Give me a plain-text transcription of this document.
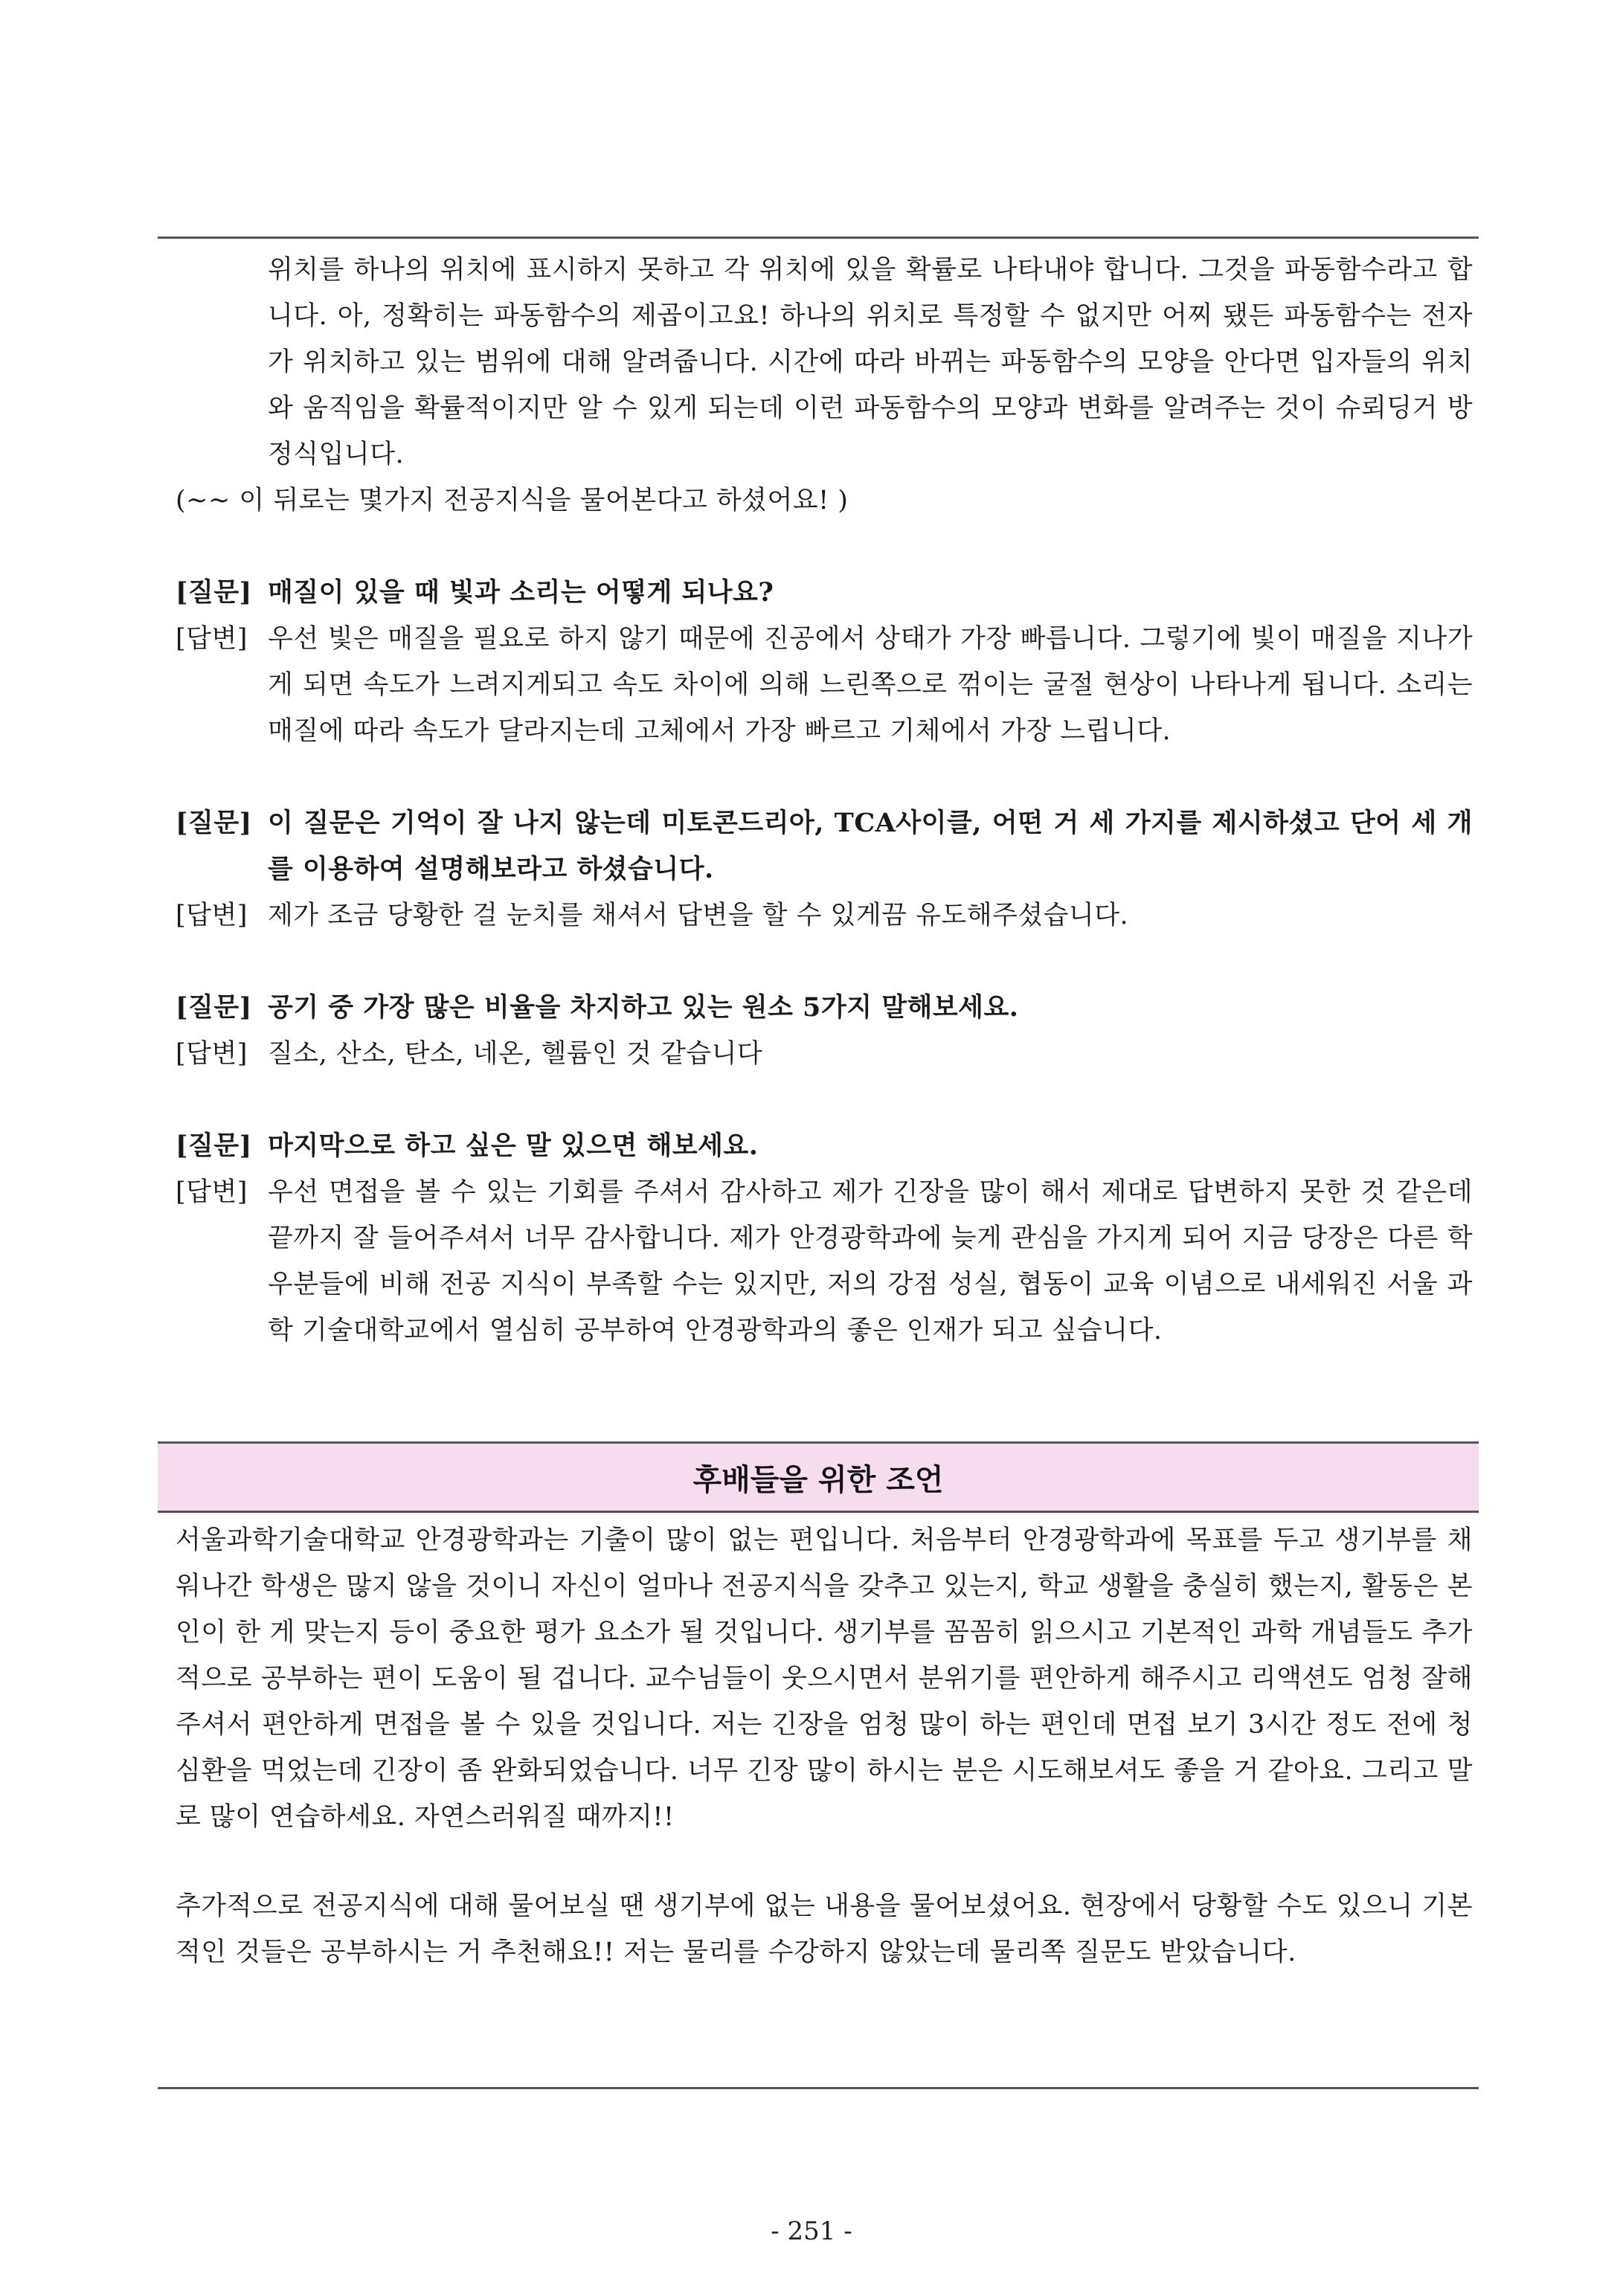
위치를 하나의 위치에 표시하지 못하고 각 위치에 있을 확률로 나타내야 합니다. 그것을 파동함수라고 합니다. 아, 정확히는 파동함수의 제곱이고요! 하나의 위치로 특정할 수 없지만 어찌 됐든 파동함수는 전자가 위치하고 있는 범위에 대해 알려줍니다. 시간에 따라 바뀌는 파동함수의 모양을 안다면 입자들의 위치와 움직임을 확률적이지만 알 수 있게 되는데 이런 파동함수의 모양과 변화를 알려주는 것이 슈뢰딩거 방정식입니다.

(~~ 이 뒤로는 몇가지 전공지식을 물어본다고 하셨어요! )

[질문] 매질이 있을 때 빛과 소리는 어떻게 되나요?
[답변] 우선 빛은 매질을 필요로 하지 않기 때문에 진공에서 상태가 가장 빠릅니다. 그렇기에 빛이 매질을 지나가게 되면 속도가 느려지게되고 속도 차이에 의해 느린쪽으로 꺾이는 굴절 현상이 나타나게 됩니다. 소리는 매질에 따라 속도가 달라지는데 고체에서 가장 빠르고 기체에서 가장 느립니다.
[질문] 이 질문은 기억이 잘 나지 않는데 미토콘드리아, TCA사이클, 어떤 거 세 가지를 제시하셨고 단어 세 개를 이용하여 설명해보라고 하셨습니다.
[답변] 제가 조금 당황한 걸 눈치를 채셔서 답변을 할 수 있게끔 유도해주셨습니다.
[질문] 공기 중 가장 많은 비율을 차지하고 있는 원소 5가지 말해보세요.
[답변] 질소, 산소, 탄소, 네온, 헬륨인 것 같습니다
[질문] 마지막으로 하고 싶은 말 있으면 해보세요.
[답변] 우선 면접을 볼 수 있는 기회를 주셔서 감사하고 제가 긴장을 많이 해서 제대로 답변하지 못한 것 같은데 끝까지 잘 들어주셔서 너무 감사합니다. 제가 안경광학과에 늦게 관심을 가지게 되어 지금 당장은 다른 학우분들에 비해 전공 지식이 부족할 수는 있지만, 저의 강점 성실, 협동이 교육 이념으로 내세워진 서울 과학 기술대학교에서 열심히 공부하여 안경광학과의 좋은 인재가 되고 싶습니다.
후배들을 위한 조언

서울과학기술대학교 안경광학과는 기출이 많이 없는 편입니다. 처음부터 안경광학과에 목표를 두고 생기부를 채워나간 학생은 많지 않을 것이니 자신이 얼마나 전공지식을 갖추고 있는지, 학교 생활을 충실히 했는지, 활동은 본인이 한 게 맞는지 등이 중요한 평가 요소가 될 것입니다. 생기부를 꼼꼼히 읽으시고 기본적인 과학 개념들도 추가적으로 공부하는 편이 도움이 될 겁니다. 교수님들이 웃으시면서 분위기를 편안하게 해주시고 리액션도 엄청 잘해주셔서 편안하게 면접을 볼 수 있을 것입니다. 저는 긴장을 엄청 많이 하는 편인데 면접 보기 3시간 정도 전에 청심환을 먹었는데 긴장이 좀 완화되었습니다. 너무 긴장 많이 하시는 분은 시도해보셔도 좋을 거 같아요. 그리고 말로 많이 연습하세요. 자연스러워질 때까지!!

추가적으로 전공지식에 대해 물어보실 땐 생기부에 없는 내용을 물어보셨어요. 현장에서 당황할 수도 있으니 기본적인 것들은 공부하시는 거 추천해요!! 저는 물리를 수강하지 않았는데 물리쪽 질문도 받았습니다.

- 251 -
